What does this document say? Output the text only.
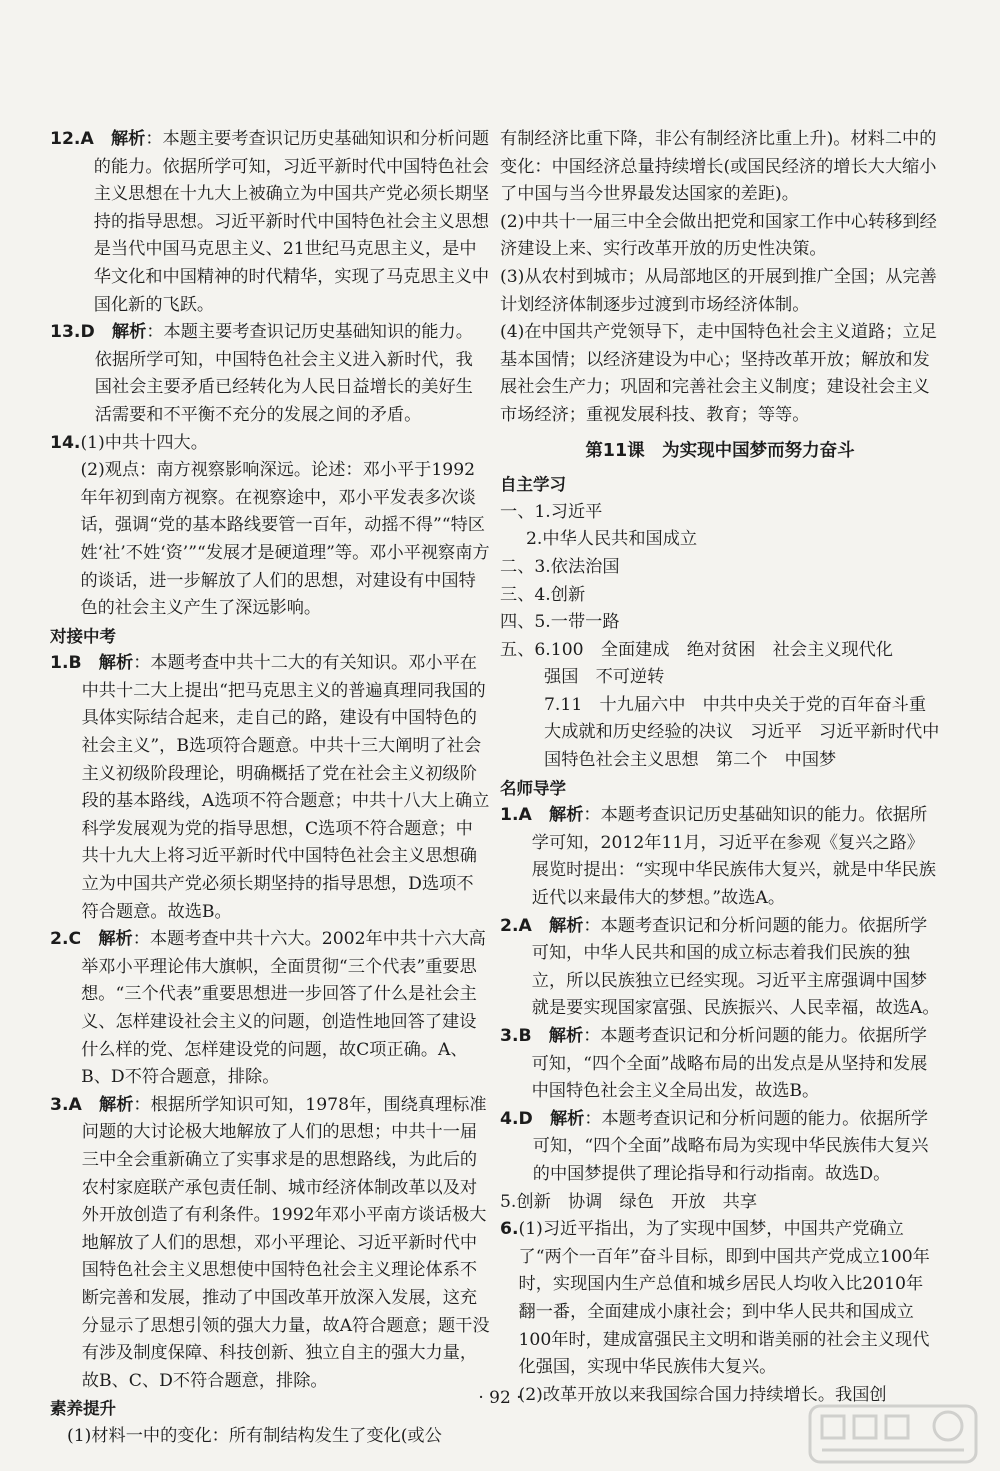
12.A
　	解析：本题主要考查识记历史基础知识和分析问题的能力。依据所学可知，习近平新时代中国特色社会主义思想在十九大上被确立为中国共产党必须长期坚持的指导思想。习近平新时代中国特色社会主义思想是当代中国马克思主义、21世纪马克思主义，是中华文化和中国精神的时代精华，实现了马克思主义中国化新的飞跃。
13.D
　	解析：本题主要考查识记历史基础知识的能力。依据所学可知，中国特色社会主义进入新时代，我国社会主要矛盾已经转化为人民日益增长的美好生活需要和不平衡不充分的发展之间的矛盾。
14. (1)中共十四大。
(2)观点：南方视察影响深远。论述：邓小平于1992年年初到南方视察。在视察途中，邓小平发表多次谈话，强调“党的基本路线要管一百年，动摇不得”“特区姓‘社’不姓‘资’”“发展才是硬道理”等。邓小平视察南方的谈话，进一步解放了人们的思想，对建设有中国特色的社会主义产生了深远影响。
对接中考
1.B
　	解析：本题考查中共十二大的有关知识。邓小平在中共十二大上提出“把马克思主义的普遍真理同我国的具体实际结合起来，走自己的路，建设有中国特色的社会主义”，B选项符合题意。中共十三大阐明了社会主义初级阶段理论，明确概括了党在社会主义初级阶段的基本路线，A选项不符合题意；中共十八大上确立科学发展观为党的指导思想，C选项不符合题意；中共十九大上将习近平新时代中国特色社会主义思想确立为中国共产党必须长期坚持的指导思想，D选项不符合题意。故选B。
2.C
　	解析：本题考查中共十六大。2002年中共十六大高举邓小平理论伟大旗帜，全面贯彻“三个代表”重要思想。“三个代表”重要思想进一步回答了什么是社会主义、怎样建设社会主义的问题，创造性地回答了建设什么样的党、怎样建设党的问题，故C项正确。A、B、D不符合题意，排除。
3.A
　	解析：根据所学知识可知，1978年，围绕真理标准问题的大讨论极大地解放了人们的思想；中共十一届三中全会重新确立了实事求是的思想路线，为此后的农村家庭联产承包责任制、城市经济体制改革以及对外开放创造了有利条件。1992年邓小平南方谈话极大地解放了人们的思想，邓小平理论、习近平新时代中国特色社会主义思想使中国特色社会主义理论体系不断完善和发展，推动了中国改革开放深入发展，这充分显示了思想引领的强大力量，故A符合题意；题干没有涉及制度保障、科技创新、独立自主的强大力量，故B、C、D不符合题意，排除。
素养提升
(1)材料一中的变化：所有制结构发生了变化(或公
有制经济比重下降，非公有制经济比重上升)。材料二中的变化：中国经济总量持续增长(或国民经济的增长大大缩小了中国与当今世界最发达国家的差距)。
(2)中共十一届三中全会做出把党和国家工作中心转移到经济建设上来、实行改革开放的历史性决策。
(3)从农村到城市；从局部地区的开展到推广全国；从完善计划经济体制逐步过渡到市场经济体制。
(4)在中国共产党领导下，走中国特色社会主义道路；立足基本国情；以经济建设为中心；坚持改革开放；解放和发展社会生产力；巩固和完善社会主义制度；建设社会主义市场经济；重视发展科技、教育；等等。
第11课　为实现中国梦而努力奋斗
自主学习
一、1.习近平
2.中华人民共和国成立
二、3.依法治国
三、4.创新
四、5.一带一路
五、6.100　全面建成　绝对贫困　社会主义现代化
强国　不可逆转
7.11　十九届六中　中共中央关于党的百年奋斗重大成就和历史经验的决议　习近平　习近平新时代中国特色社会主义思想　第二个　中国梦
名师导学
1.A
　	解析：本题考查识记历史基础知识的能力。依据所学可知，2012年11月，习近平在参观《复兴之路》展览时提出：“实现中华民族伟大复兴，就是中华民族近代以来最伟大的梦想。”故选A。
2.A
　	解析：本题考查识记和分析问题的能力。依据所学可知，中华人民共和国的成立标志着我们民族的独立，所以民族独立已经实现。习近平主席强调中国梦就是要实现国家富强、民族振兴、人民幸福，故选A。
3.B
　	解析：本题考查识记和分析问题的能力。依据所学可知，“四个全面”战略布局的出发点是从坚持和发展中国特色社会主义全局出发，故选B。
4.D
　	解析：本题考查识记和分析问题的能力。依据所学可知，“四个全面”战略布局为实现中华民族伟大复兴的中国梦提供了理论指导和行动指南。故选D。
5.创新　协调　绿色　开放　共享
6. (1)习近平指出，为了实现中国梦，中国共产党确立了“两个一百年”奋斗目标，即到中国共产党成立100年时，实现国内生产总值和城乡居民人均收入比2010年翻一番，全面建成小康社会；到中华人民共和国成立100年时，建成富强民主文明和谐美丽的社会主义现代化强国，实现中华民族伟大复兴。
(2)改革开放以来我国综合国力持续增长。我国创
· 92 ·
